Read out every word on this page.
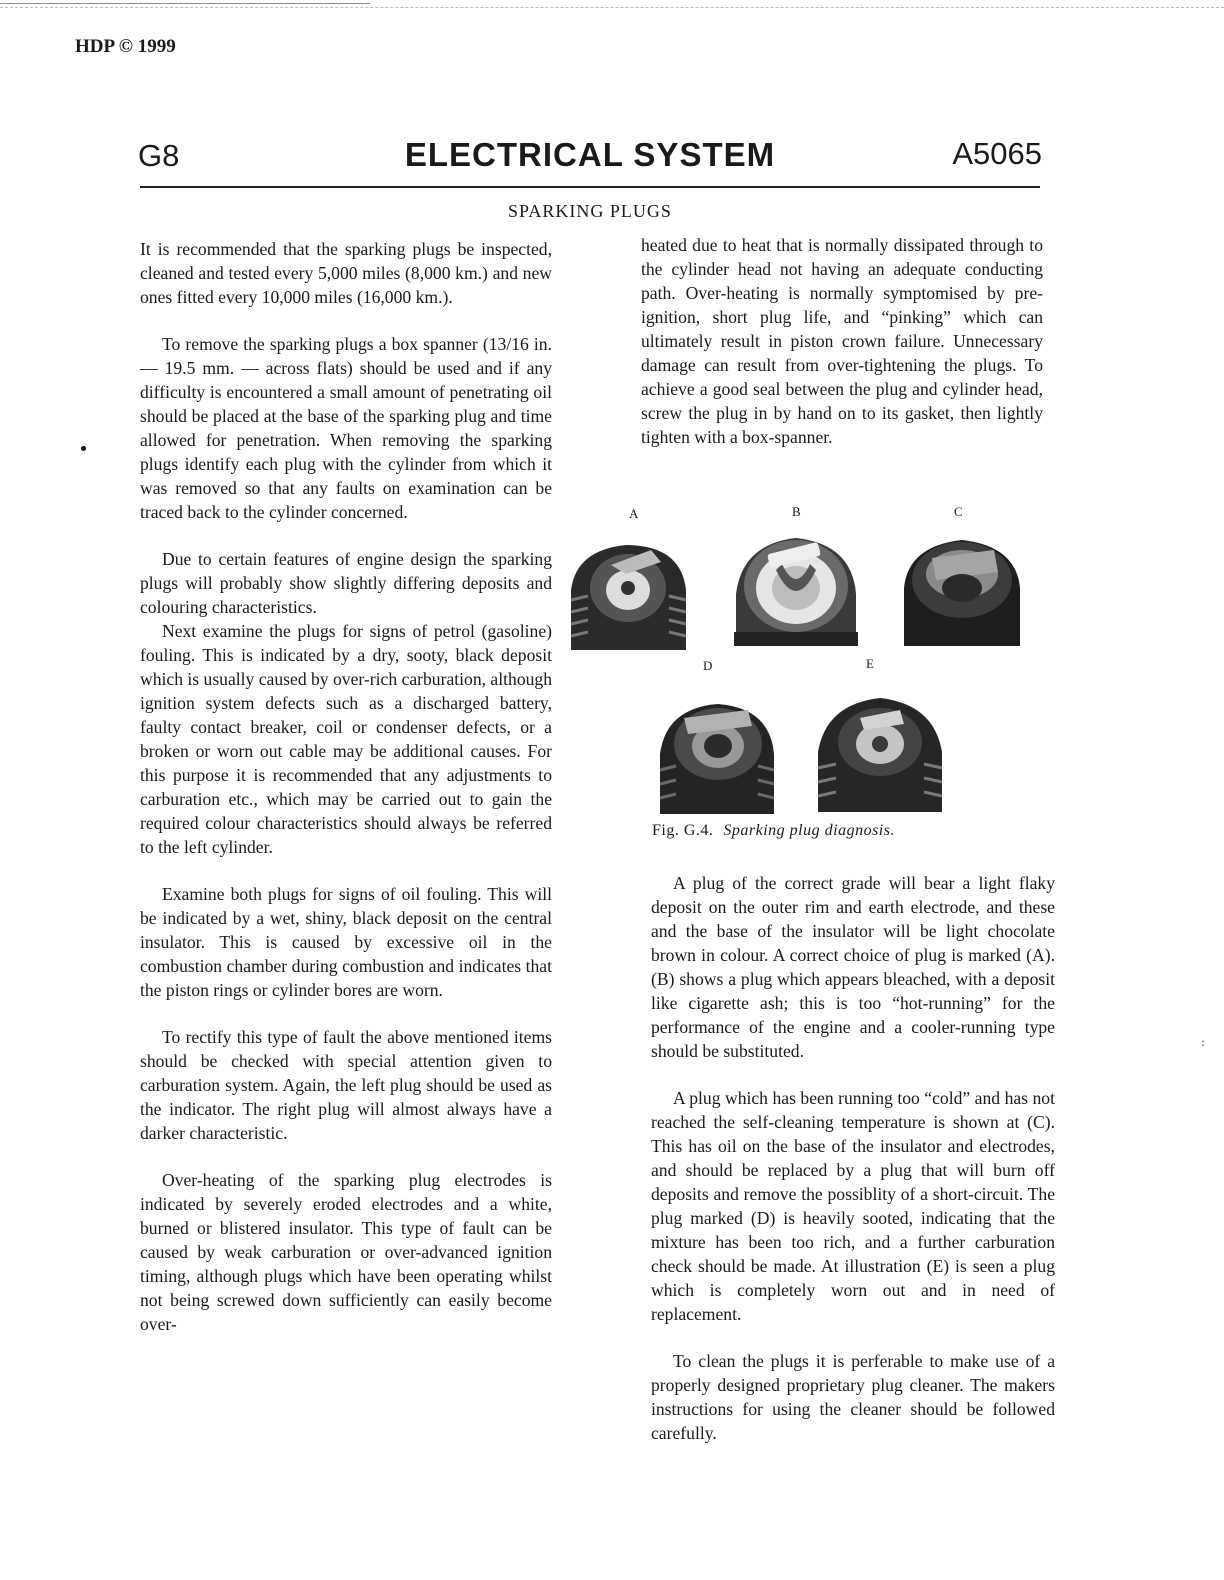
HDP © 1999
G8	ELECTRICAL SYSTEM	A5065
SPARKING PLUGS

It is recommended that the sparking plugs be inspected, cleaned and tested every 5,000 miles (8,000 km.) and new ones fitted every 10,000 miles (16,000 km.).

To remove the sparking plugs a box spanner (13/16 in. — 19.5 mm. — across flats) should be used and if any difficulty is encountered a small amount of penetrating oil should be placed at the base of the sparking plug and time allowed for penetration. When removing the sparking plugs identify each plug with the cylinder from which it was removed so that any faults on examination can be traced back to the cylinder concerned.

Due to certain features of engine design the sparking plugs will probably show slightly differing deposits and colouring characteristics.

Next examine the plugs for signs of petrol (gasoline) fouling. This is indicated by a dry, sooty, black deposit which is usually caused by over-rich carburation, although ignition system defects such as a discharged battery, faulty contact breaker, coil or condenser defects, or a broken or worn out cable may be additional causes. For this purpose it is recommended that any adjustments to carburation etc., which may be carried out to gain the required colour characteristics should always be referred to the left cylinder.

Examine both plugs for signs of oil fouling. This will be indicated by a wet, shiny, black deposit on the central insulator. This is caused by excessive oil in the combustion chamber during combustion and indicates that the piston rings or cylinder bores are worn.

To rectify this type of fault the above mentioned items should be checked with special attention given to carburation system. Again, the left plug should be used as the indicator. The right plug will almost always have a darker characteristic.

Over-heating of the sparking plug electrodes is indicated by severely eroded electrodes and a white, burned or blistered insulator. This type of fault can be caused by weak carburation or over-advanced ignition timing, although plugs which have been operating whilst not being screwed down sufficiently can easily become over-

heated due to heat that is normally dissipated through to the cylinder head not having an adequate conducting path. Over-heating is normally symptomised by pre-ignition, short plug life, and “pinking” which can ultimately result in piston crown failure. Unnecessary damage can result from over-tightening the plugs. To achieve a good seal between the plug and cylinder head, screw the plug in by hand on to its gasket, then lightly tighten with a box-spanner.

A	B	C
D	E
Fig. G.4. Sparking plug diagnosis.

A plug of the correct grade will bear a light flaky deposit on the outer rim and earth electrode, and these and the base of the insulator will be light chocolate brown in colour. A correct choice of plug is marked (A). (B) shows a plug which appears bleached, with a deposit like cigarette ash; this is too “hot-running” for the performance of the engine and a cooler-running type should be substituted.

A plug which has been running too “cold” and has not reached the self-cleaning temperature is shown at (C). This has oil on the base of the insulator and electrodes, and should be replaced by a plug that will burn off deposits and remove the possiblity of a short-circuit. The plug marked (D) is heavily sooted, indicating that the mixture has been too rich, and a further carburation check should be made. At illustration (E) is seen a plug which is completely worn out and in need of replacement.

To clean the plugs it is perferable to make use of a properly designed proprietary plug cleaner. The makers instructions for using the cleaner should be followed carefully.

:
